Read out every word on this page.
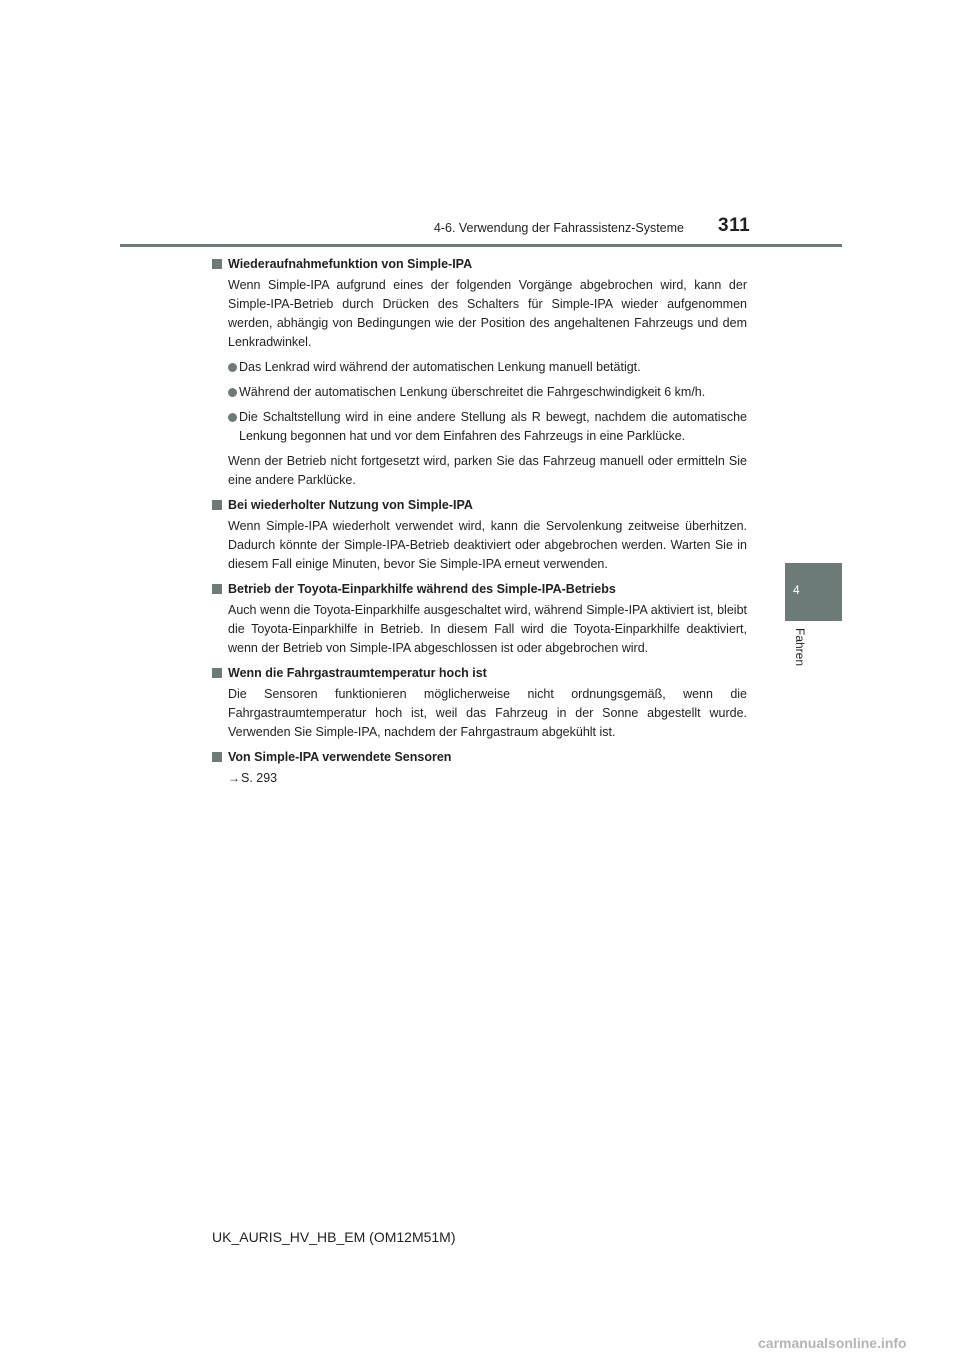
4-6. Verwendung der Fahrassistenz-Systeme 311
4
Fahren
Wiederaufnahmefunktion von Simple-IPA
Wenn Simple-IPA aufgrund eines der folgenden Vorgänge abgebrochen wird, kann der Simple-IPA-Betrieb durch Drücken des Schalters für Simple-IPA wieder aufgenommen werden, abhängig von Bedingungen wie der Position des angehaltenen Fahrzeugs und dem Lenkradwinkel.
Das Lenkrad wird während der automatischen Lenkung manuell betätigt.
Während der automatischen Lenkung überschreitet die Fahrgeschwindigkeit 6 km/h.
Die Schaltstellung wird in eine andere Stellung als R bewegt, nachdem die automatische Lenkung begonnen hat und vor dem Einfahren des Fahrzeugs in eine Parklücke.
Wenn der Betrieb nicht fortgesetzt wird, parken Sie das Fahrzeug manuell oder ermitteln Sie eine andere Parklücke.
Bei wiederholter Nutzung von Simple-IPA
Wenn Simple-IPA wiederholt verwendet wird, kann die Servolenkung zeitweise überhitzen. Dadurch könnte der Simple-IPA-Betrieb deaktiviert oder abgebrochen werden. Warten Sie in diesem Fall einige Minuten, bevor Sie Simple-IPA erneut verwenden.
Betrieb der Toyota-Einparkhilfe während des Simple-IPA-Betriebs
Auch wenn die Toyota-Einparkhilfe ausgeschaltet wird, während Simple-IPA aktiviert ist, bleibt die Toyota-Einparkhilfe in Betrieb. In diesem Fall wird die Toyota-Einparkhilfe deaktiviert, wenn der Betrieb von Simple-IPA abgeschlossen ist oder abgebrochen wird.
Wenn die Fahrgastraumtemperatur hoch ist
Die Sensoren funktionieren möglicherweise nicht ordnungsgemäß, wenn die Fahrgastraumtemperatur hoch ist, weil das Fahrzeug in der Sonne abgestellt wurde. Verwenden Sie Simple-IPA, nachdem der Fahrgastraum abgekühlt ist.
Von Simple-IPA verwendete Sensoren
→S. 293
UK_AURIS_HV_HB_EM (OM12M51M)
carmanualsonline.info
